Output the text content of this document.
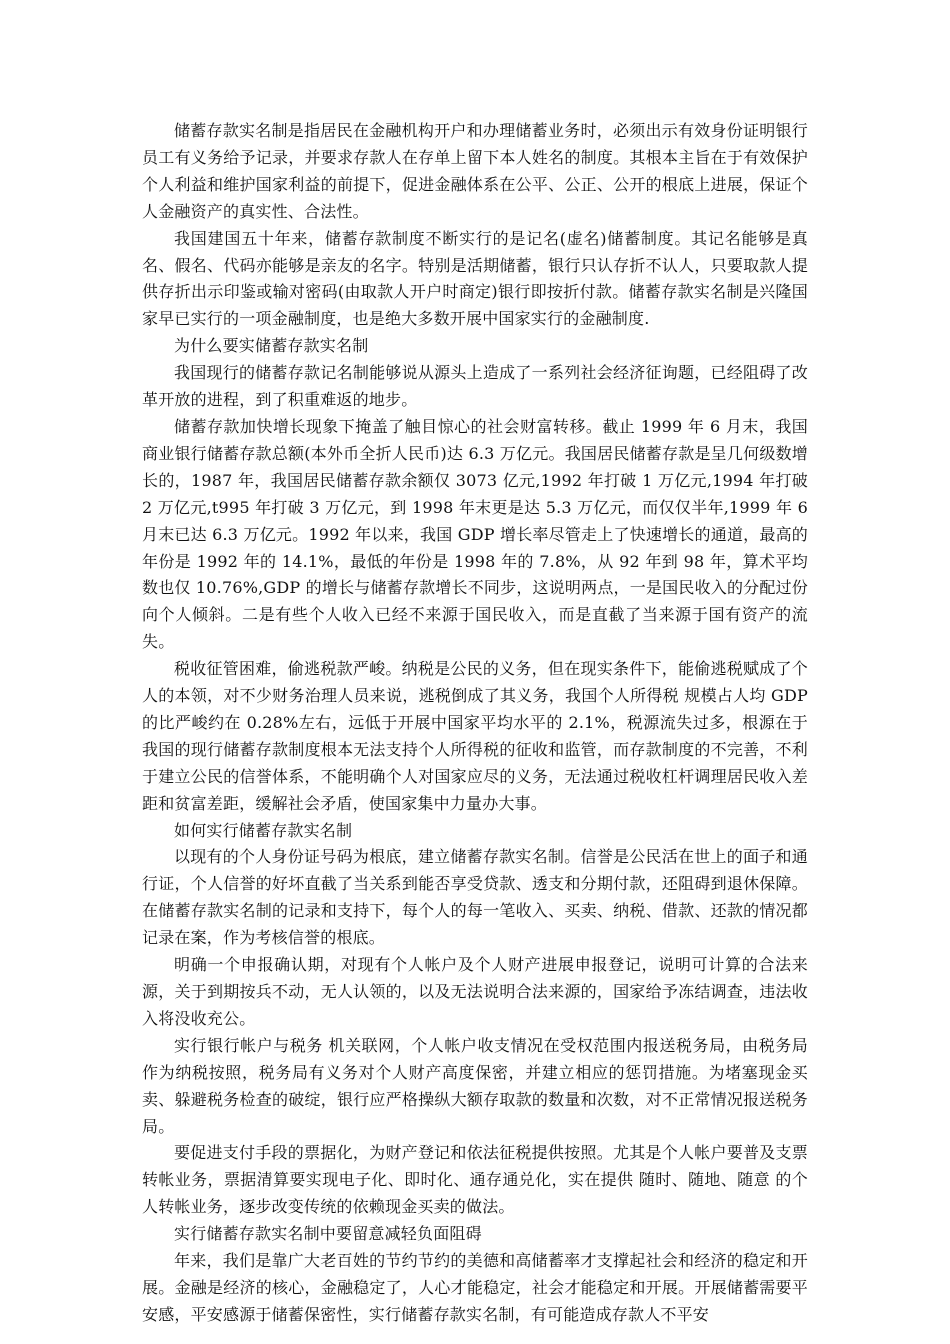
储蓄存款实名制是指居民在金融机构开户和办理储蓄业务时，必须出示有效身份证明银行员工有义务给予记录，并要求存款人在存单上留下本人姓名的制度。其根本主旨在于有效保护个人利益和维护国家利益的前提下，促进金融体系在公平、公正、公开的根底上进展，保证个人金融资产的真实性、合法性。

我国建国五十年来，储蓄存款制度不断实行的是记名(虚名)储蓄制度。其记名能够是真名、假名、代码亦能够是亲友的名字。特别是活期储蓄，银行只认存折不认人，只要取款人提供存折出示印鉴或输对密码(由取款人开户时商定)银行即按折付款。储蓄存款实名制是兴隆国家早已实行的一项金融制度，也是绝大多数开展中国家实行的金融制度.

为什么要实储蓄存款实名制

我国现行的储蓄存款记名制能够说从源头上造成了一系列社会经济征询题，已经阻碍了改革开放的进程，到了积重难返的地步。

储蓄存款加快增长现象下掩盖了触目惊心的社会财富转移。截止 1999 年 6 月末，我国商业银行储蓄存款总额(本外币全折人民币)达 6.3 万亿元。我国居民储蓄存款是呈几何级数增长的，1987 年，我国居民储蓄存款余额仅 3073 亿元,1992 年打破 1 万亿元,1994 年打破 2 万亿元,t995 年打破 3 万亿元，到 1998 年末更是达 5.3 万亿元，而仅仅半年,1999 年 6 月末已达 6.3 万亿元。1992 年以来，我国 GDP 增长率尽管走上了快速增长的通道，最高的年份是 1992 年的 14.1%，最低的年份是 1998 年的 7.8%，从 92 年到 98 年，算术平均数也仅 10.76%,GDP 的增长与储蓄存款增长不同步，这说明两点，一是国民收入的分配过份向个人倾斜。二是有些个人收入已经不来源于国民收入，而是直截了当来源于国有资产的流失。

税收征管困难，偷逃税款严峻。纳税是公民的义务，但在现实条件下，能偷逃税赋成了个人的本领，对不少财务治理人员来说，逃税倒成了其义务，我国个人所得税 规模占人均 GDP 的比严峻约在 0.28%左右，远低于开展中国家平均水平的 2.1%，税源流失过多，根源在于我国的现行储蓄存款制度根本无法支持个人所得税的征收和监管，而存款制度的不完善，不利于建立公民的信誉体系，不能明确个人对国家应尽的义务，无法通过税收杠杆调理居民收入差距和贫富差距，缓解社会矛盾，使国家集中力量办大事。

如何实行储蓄存款实名制

以现有的个人身份证号码为根底，建立储蓄存款实名制。信誉是公民活在世上的面子和通行证，个人信誉的好坏直截了当关系到能否享受贷款、透支和分期付款，还阻碍到退休保障。在储蓄存款实名制的记录和支持下，每个人的每一笔收入、买卖、纳税、借款、还款的情况都记录在案，作为考核信誉的根底。

明确一个申报确认期，对现有个人帐户及个人财产进展申报登记，说明可计算的合法来源，关于到期按兵不动，无人认领的，以及无法说明合法来源的，国家给予冻结调查，违法收入将没收充公。

实行银行帐户与税务 机关联网，个人帐户收支情况在受权范围内报送税务局，由税务局作为纳税按照，税务局有义务对个人财产高度保密，并建立相应的惩罚措施。为堵塞现金买卖、躲避税务检查的破绽，银行应严格操纵大额存取款的数量和次数，对不正常情况报送税务局。

要促进支付手段的票据化，为财产登记和依法征税提供按照。尤其是个人帐户要普及支票转帐业务，票据清算要实现电子化、即时化、通存通兑化，实在提供 随时、随地、随意 的个人转帐业务，逐步改变传统的依赖现金买卖的做法。

实行储蓄存款实名制中要留意减轻负面阻碍

年来，我们是靠广大老百姓的节约节约的美德和高储蓄率才支撑起社会和经济的稳定和开展。金融是经济的核心，金融稳定了，人心才能稳定，社会才能稳定和开展。开展储蓄需要平安感，平安感源于储蓄保密性，实行储蓄存款实名制，有可能造成存款人不平安
